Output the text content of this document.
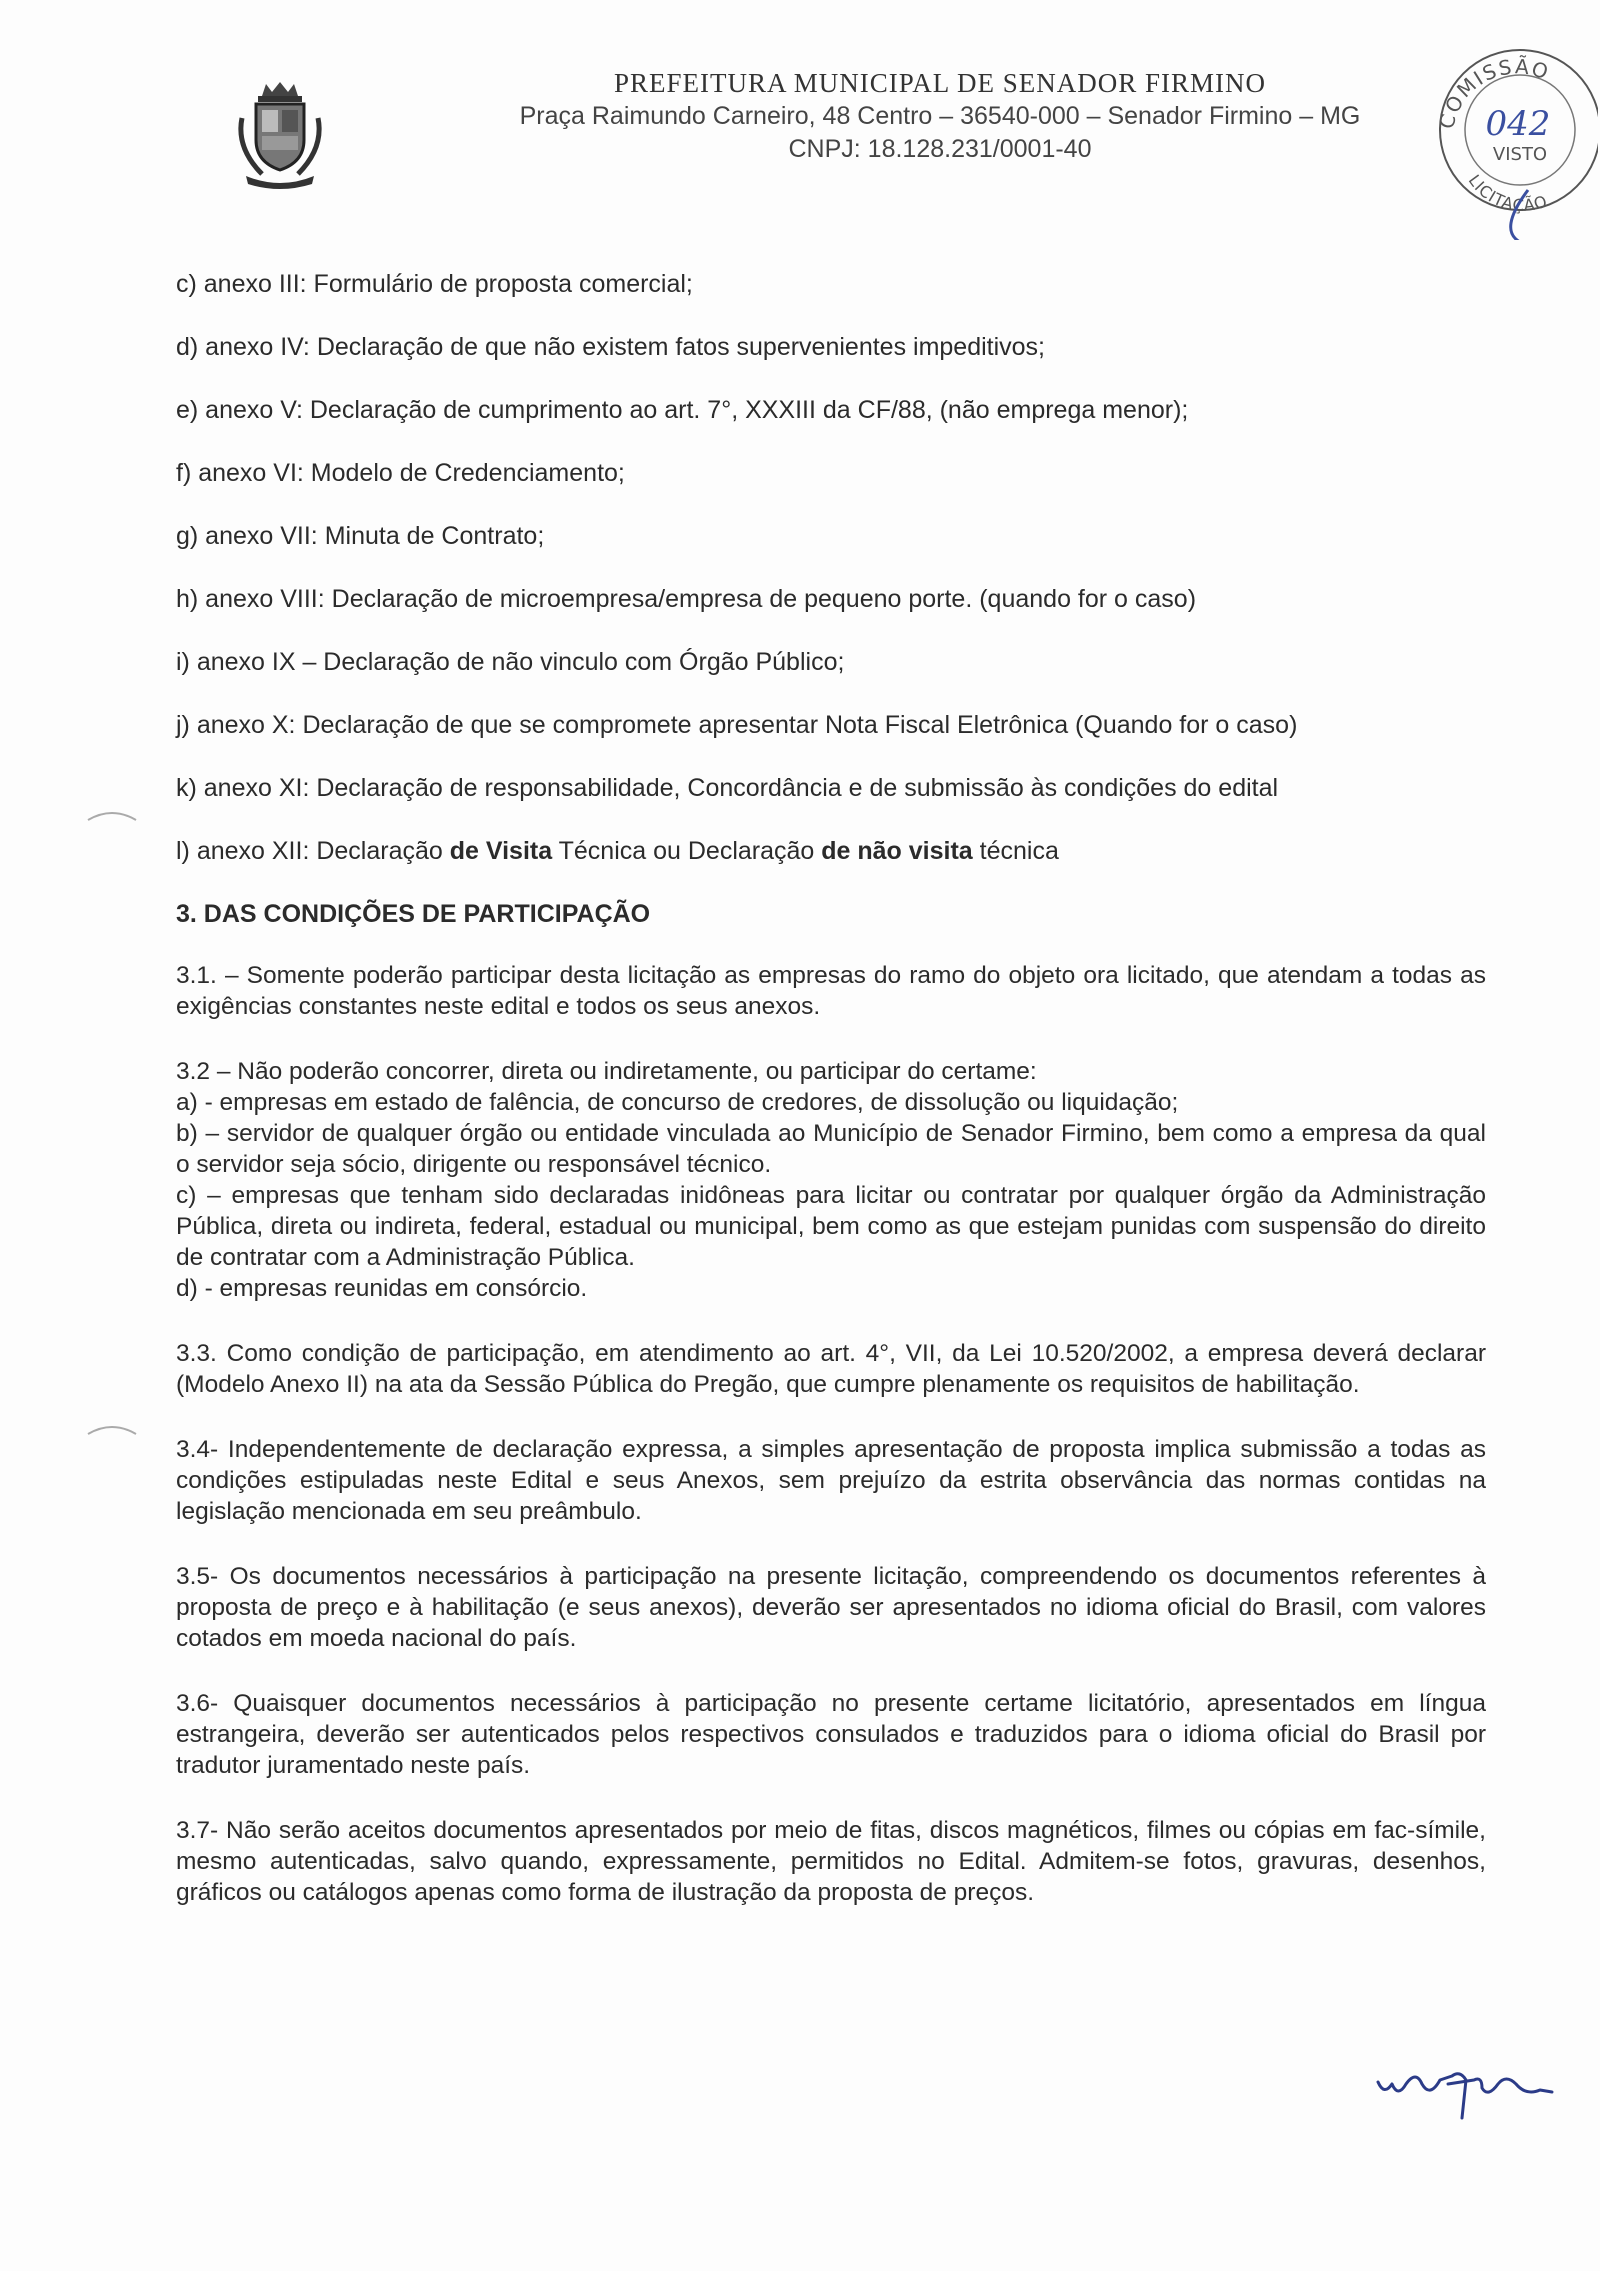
PREFEITURA MUNICIPAL DE SENADOR FIRMINO
Praça Raimundo Carneiro, 48 Centro – 36540-000 – Senador Firmino – MG
CNPJ: 18.128.231/0001-40
COMISSÃO
VISTO
LICITAÇÃO
042
c) anexo III: Formulário de proposta comercial;
d) anexo IV: Declaração de que não existem fatos supervenientes impeditivos;
e) anexo V: Declaração de cumprimento ao art. 7°, XXXIII da CF/88, (não emprega menor);
f) anexo VI: Modelo de Credenciamento;
g) anexo VII: Minuta de Contrato;
h) anexo VIII: Declaração de microempresa/empresa de pequeno porte. (quando for o caso)
i) anexo IX – Declaração de não vinculo com Órgão Público;
j) anexo X: Declaração de que se compromete apresentar Nota Fiscal Eletrônica (Quando for o caso)
k) anexo XI: Declaração de responsabilidade, Concordância e de submissão às condições do edital
l) anexo XII: Declaração de Visita Técnica ou Declaração de não visita técnica
3. DAS CONDIÇÕES DE PARTICIPAÇÃO
3.1. – Somente poderão participar desta licitação as empresas do ramo do objeto ora licitado, que atendam a todas as exigências constantes neste edital e todos os seus anexos.
3.2 – Não poderão concorrer, direta ou indiretamente, ou participar do certame:
a) - empresas em estado de falência, de concurso de credores, de dissolução ou liquidação;
b) – servidor de qualquer órgão ou entidade vinculada ao Município de Senador Firmino, bem como a empresa da qual o servidor seja sócio, dirigente ou responsável técnico.
c) – empresas que tenham sido declaradas inidôneas para licitar ou contratar por qualquer órgão da Administração Pública, direta ou indireta, federal, estadual ou municipal, bem como as que estejam punidas com suspensão do direito de contratar com a Administração Pública.
d) - empresas reunidas em consórcio.
3.3. Como condição de participação, em atendimento ao art. 4°, VII, da Lei 10.520/2002, a empresa deverá declarar (Modelo Anexo II) na ata da Sessão Pública do Pregão, que cumpre plenamente os requisitos de habilitação.
3.4- Independentemente de declaração expressa, a simples apresentação de proposta implica submissão a todas as condições estipuladas neste Edital e seus Anexos, sem prejuízo da estrita observância das normas contidas na legislação mencionada em seu preâmbulo.
3.5- Os documentos necessários à participação na presente licitação, compreendendo os documentos referentes à proposta de preço e à habilitação (e seus anexos), deverão ser apresentados no idioma oficial do Brasil, com valores cotados em moeda nacional do país.
3.6- Quaisquer documentos necessários à participação no presente certame licitatório, apresentados em língua estrangeira, deverão ser autenticados pelos respectivos consulados e traduzidos para o idioma oficial do Brasil por tradutor juramentado neste país.
3.7- Não serão aceitos documentos apresentados por meio de fitas, discos magnéticos, filmes ou cópias em fac-símile, mesmo autenticadas, salvo quando, expressamente, permitidos no Edital. Admitem-se fotos, gravuras, desenhos, gráficos ou catálogos apenas como forma de ilustração da proposta de preços.
